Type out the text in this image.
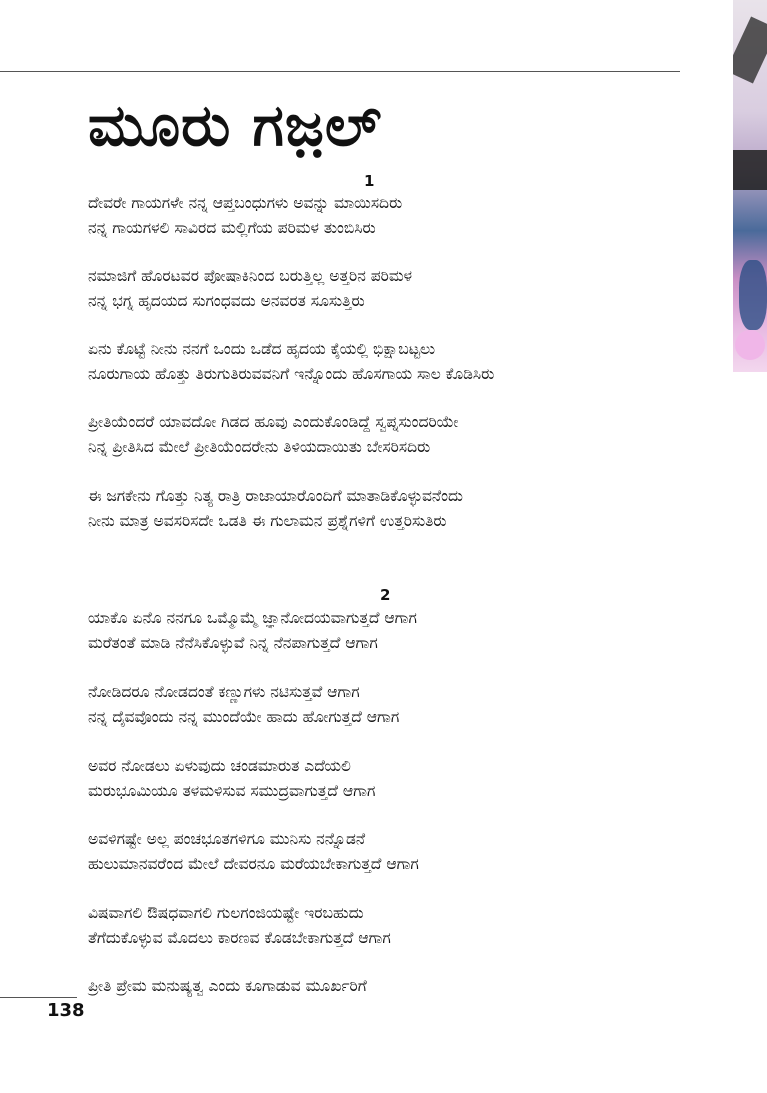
ಮೂರು ಗಜ಼ಲ್

1

ದೇವರೇ ಗಾಯಗಳೇ ನನ್ನ ಆಪ್ತಬಂಧುಗಳು ಅವನ್ನು ಮಾಯಿಸದಿರು

ನನ್ನ ಗಾಯಗಳಲಿ ಸಾವಿರದ ಮಲ್ಲಿಗೆಯ ಪರಿಮಳ ತುಂಬಿಸಿರು

ನಮಾಜಿಗೆ ಹೊರಟವರ ಪೋಷಾಕಿನಿಂದ ಬರುತ್ತಿಲ್ಲ ಅತ್ತರಿನ ಪರಿಮಳ

ನನ್ನ ಭಗ್ನ ಹೃದಯದ ಸುಗಂಧವದು ಅನವರತ ಸೂಸುತ್ತಿರು

ಏನು ಕೊಟ್ಟೆ ನೀನು ನನಗೆ ಒಂದು ಒಡೆದ ಹೃದಯ ಕೈಯಲ್ಲಿ ಭಿಕ್ಷಾಬಟ್ಟಲು

ನೂರುಗಾಯ ಹೊತ್ತು ತಿರುಗುತಿರುವವನಿಗೆ ಇನ್ನೊಂದು ಹೊಸಗಾಯ ಸಾಲ ಕೊಡಿಸಿರು

ಪ್ರೀತಿಯೆಂದರೆ ಯಾವದೋ ಗಿಡದ ಹೂವು ಎಂದುಕೊಂಡಿದ್ದೆ ಸ್ವಪ್ನಸುಂದರಿಯೇ

ನಿನ್ನ ಪ್ರೀತಿಸಿದ ಮೇಲೆ ಪ್ರೀತಿಯೆಂದರೇನು ತಿಳಿಯದಾಯಿತು ಬೇಸರಿಸದಿರು

ಈ ಜಗಕೇನು ಗೊತ್ತು ನಿತ್ಯ ರಾತ್ರಿ ರಾಜಾಯಾರೊಂದಿಗೆ ಮಾತಾಡಿಕೊಳ್ಳುವನೆಂದು

ನೀನು ಮಾತ್ರ ಅವಸರಿಸದೇ ಒಡತಿ ಈ ಗುಲಾಮನ ಪ್ರಶ್ನೆಗಳಿಗೆ ಉತ್ತರಿಸುತಿರು

2

ಯಾಕೊ ಏನೊ ನನಗೂ ಒಮ್ಮೊಮ್ಮೆ ಜ್ಞಾನೋದಯವಾಗುತ್ತದೆ ಆಗಾಗ

ಮರೆತಂತೆ ಮಾಡಿ ನೆನೆಸಿಕೊಳ್ಳುವೆ ನಿನ್ನ ನೆನಪಾಗುತ್ತದೆ ಆಗಾಗ

ನೋಡಿದರೂ ನೋಡದಂತೆ ಕಣ್ಣುಗಳು ನಟಿಸುತ್ತವೆ ಆಗಾಗ

ನನ್ನ ದೈವವೊಂದು ನನ್ನ ಮುಂದೆಯೇ ಹಾದು ಹೋಗುತ್ತದೆ ಆಗಾಗ

ಅವರ ನೋಡಲು ಏಳುವುದು ಚಂಡಮಾರುತ ಎದೆಯಲಿ

ಮರುಭೂಮಿಯೂ ತಳಮಳಿಸುವ ಸಮುದ್ರವಾಗುತ್ತದೆ ಆಗಾಗ

ಅವಳಿಗಷ್ಟೇ ಅಲ್ಲ ಪಂಚಭೂತಗಳಿಗೂ ಮುನಿಸು ನನ್ನೊಡನೆ

ಹುಲುಮಾನವರೆಂದ ಮೇಲೆ ದೇವರನೂ ಮರೆಯಬೇಕಾಗುತ್ತದೆ ಆಗಾಗ

ವಿಷವಾಗಲಿ ಔಷಧವಾಗಲಿ ಗುಲಗಂಜಿಯಷ್ಟೇ ಇರಬಹುದು

ತೆಗೆದುಕೊಳ್ಳುವ ಮೊದಲು ಕಾರಣವ ಕೊಡಬೇಕಾಗುತ್ತದೆ ಆಗಾಗ

ಪ್ರೀತಿ ಪ್ರೇಮ ಮನುಷ್ಯತ್ವ ಎಂದು ಕೂಗಾಡುವ ಮೂರ್ಖರಿಗೆ

138
